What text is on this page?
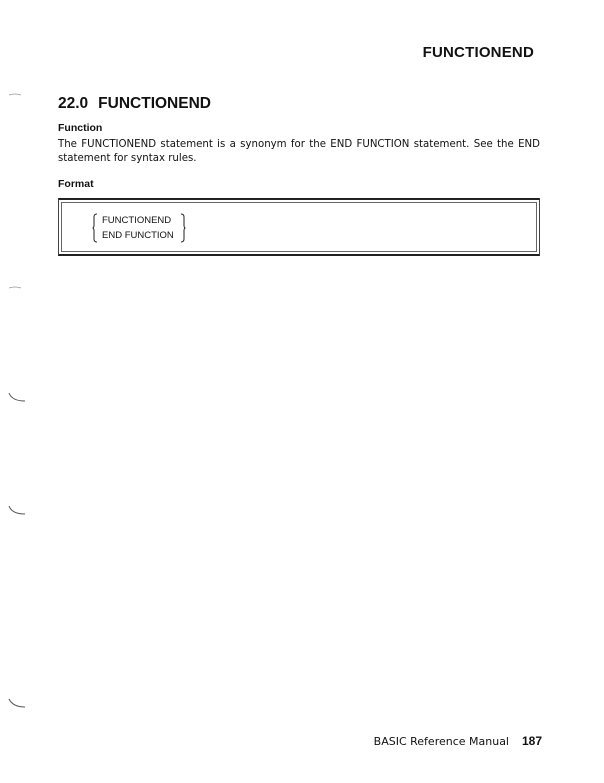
FUNCTIONEND
22.0 FUNCTIONEND
Function

The FUNCTIONEND statement is a synonym for the END FUNCTION statement. See the END statement for syntax rules.

Format
FUNCTIONEND
END FUNCTION
BASIC Reference Manual 187
